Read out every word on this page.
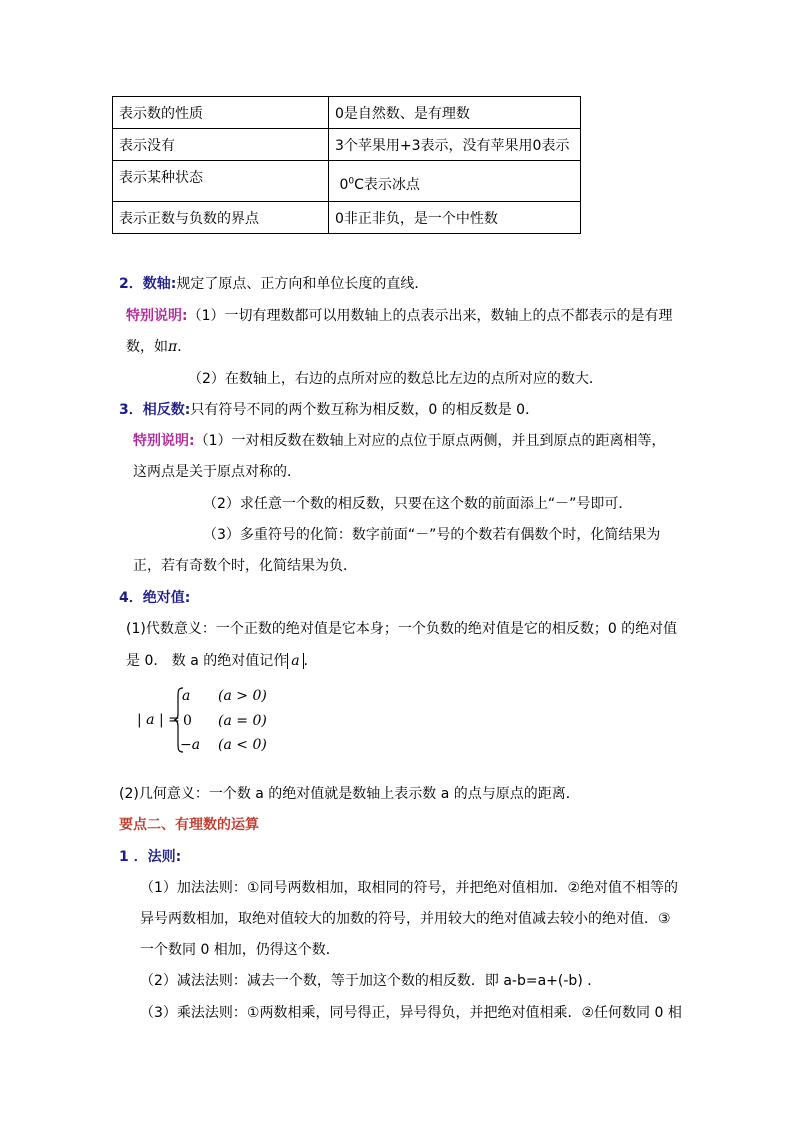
表示数的性质	0是自然数、是有理数
表示没有	3个苹果用+3表示，没有苹果用0表示
表示某种状态	$0^0C$表示冰点
表示正数与负数的界点	0非正非负，是一个中性数
2．数轴:规定了原点、正方向和单位长度的直线．
特别说明:（1）一切有理数都可以用数轴上的点表示出来，数轴上的点不都表示的是有理
数，如π．
（2）在数轴上，右边的点所对应的数总比左边的点所对应的数大．
3．相反数:只有符号不同的两个数互称为相反数，0 的相反数是 0．
特别说明:（1）一对相反数在数轴上对应的点位于原点两侧，并且到原点的距离相等，
这两点是关于原点对称的．
（2）求任意一个数的相反数，只要在这个数的前面添上“－”号即可．
（3）多重符号的化简：数字前面“－”号的个数若有偶数个时，化简结果为
正，若有奇数个时，化简结果为负．
4．绝对值:
(1)代数意义：一个正数的绝对值是它本身；一个负数的绝对值是它的相反数；0 的绝对值
是 0． 数 a 的绝对值记作 a ．
| a | =
a (a > 0)
0 (a = 0)
−a (a < 0)
(2)几何意义：一个数 a 的绝对值就是数轴上表示数 a 的点与原点的距离．
要点二、有理数的运算
1 ．法则:
（1）加法法则：①同号两数相加，取相同的符号，并把绝对值相加．②绝对值不相等的
异号两数相加，取绝对值较大的加数的符号，并用较大的绝对值减去较小的绝对值．③
一个数同 0 相加，仍得这个数．
（2）减法法则：减去一个数，等于加这个数的相反数．即 a-b=a+(-b) ．
（3）乘法法则：①两数相乘，同号得正，异号得负，并把绝对值相乘．②任何数同 0 相
